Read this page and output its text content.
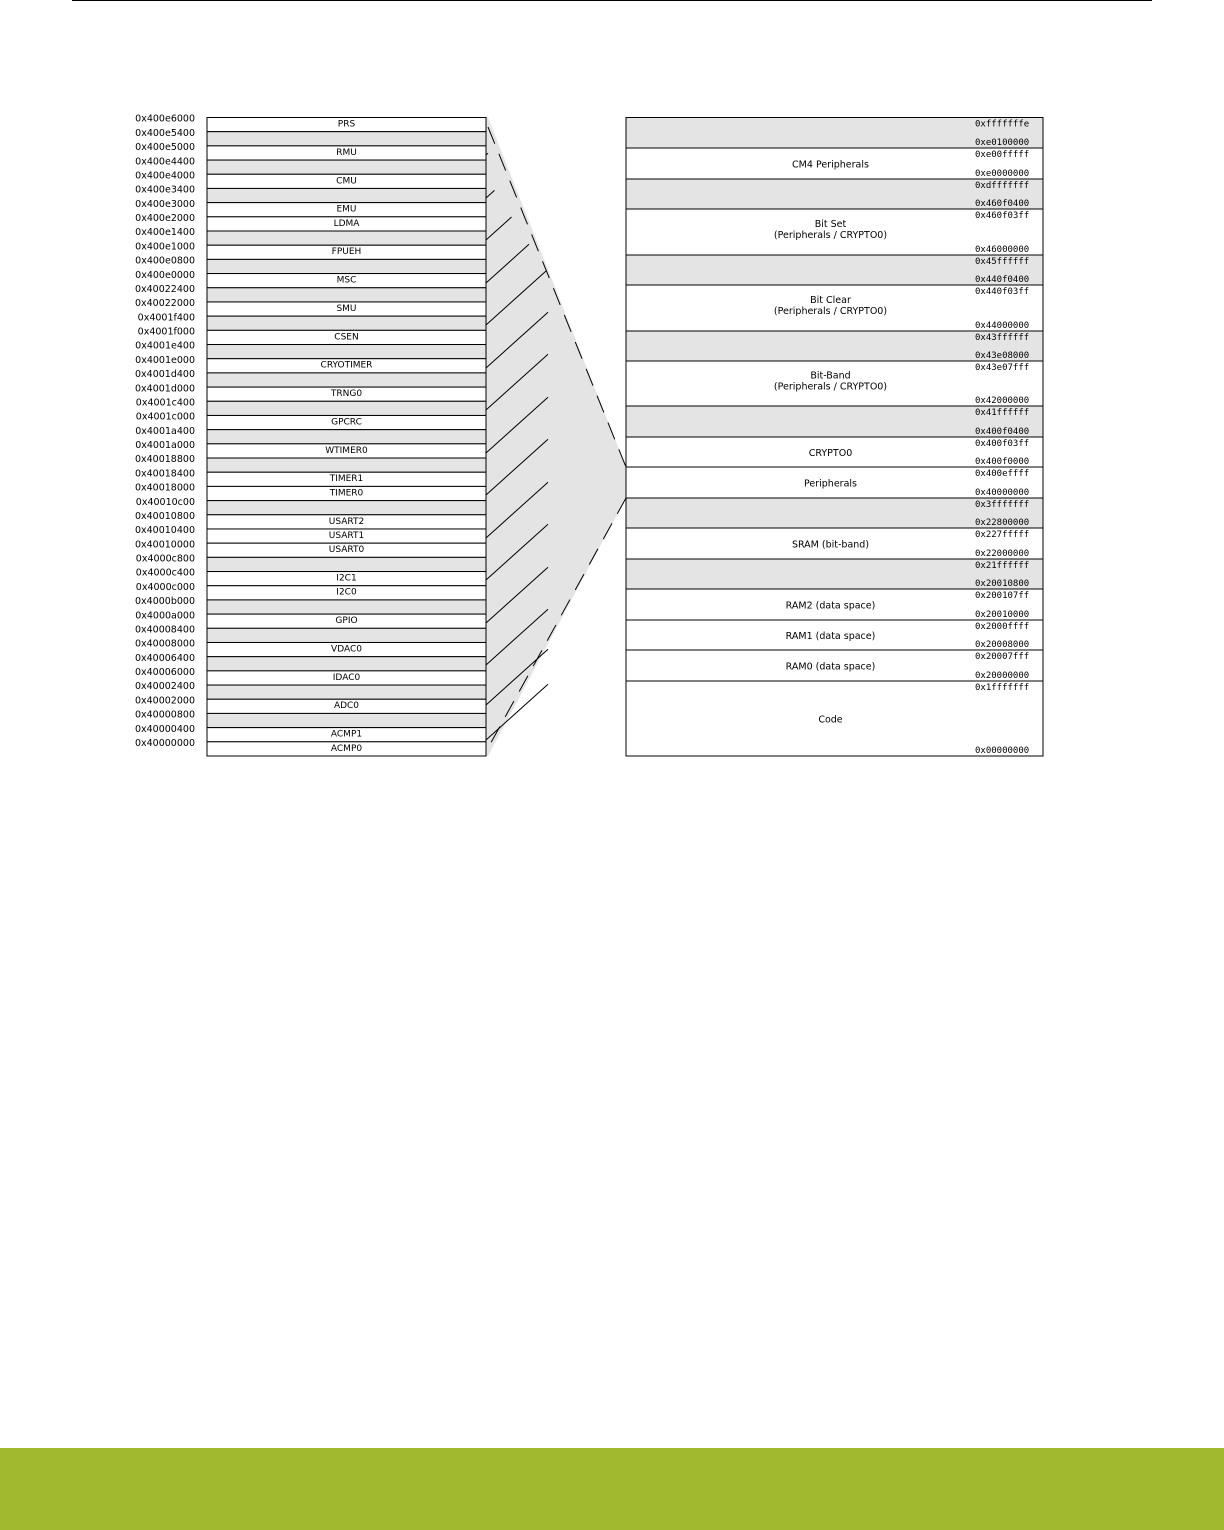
PRS
RMU
CMU
EMU
LDMA
FPUEH
MSC
SMU
CSEN
CRYOTIMER
TRNG0
GPCRC
WTIMER0
TIMER1
TIMER0
USART2
USART1
USART0
I2C1
I2C0
GPIO
VDAC0
IDAC0
ADC0
ACMP1
ACMP0
0x400e6000
0x400e5400
0x400e5000
0x400e4400
0x400e4000
0x400e3400
0x400e3000
0x400e2000
0x400e1400
0x400e1000
0x400e0800
0x400e0000
0x40022400
0x40022000
0x4001f400
0x4001f000
0x4001e400
0x4001e000
0x4001d400
0x4001d000
0x4001c400
0x4001c000
0x4001a400
0x4001a000
0x40018800
0x40018400
0x40018000
0x40010c00
0x40010800
0x40010400
0x40010000
0x4000c800
0x4000c400
0x4000c000
0x4000b000
0x4000a000
0x40008400
0x40008000
0x40006400
0x40006000
0x40002400
0x40002000
0x40000800
0x40000400
0x40000000
0xfffffffe
0xe0100000
CM4 Peripherals
0xe00fffff
0xe0000000
0xdfffffff
0x460f0400
Bit Set
(Peripherals / CRYPTO0)
0x460f03ff
0x46000000
0x45ffffff
0x440f0400
Bit Clear
(Peripherals / CRYPTO0)
0x440f03ff
0x44000000
0x43ffffff
0x43e08000
Bit-Band
(Peripherals / CRYPTO0)
0x43e07fff
0x42000000
0x41ffffff
0x400f0400
CRYPTO0
0x400f03ff
0x400f0000
Peripherals
0x400effff
0x40000000
0x3fffffff
0x22800000
SRAM (bit-band)
0x227fffff
0x22000000
0x21ffffff
0x20010800
RAM2 (data space)
0x200107ff
0x20010000
RAM1 (data space)
0x2000ffff
0x20008000
RAM0 (data space)
0x20007fff
0x20000000
Code
0x1fffffff
0x00000000
